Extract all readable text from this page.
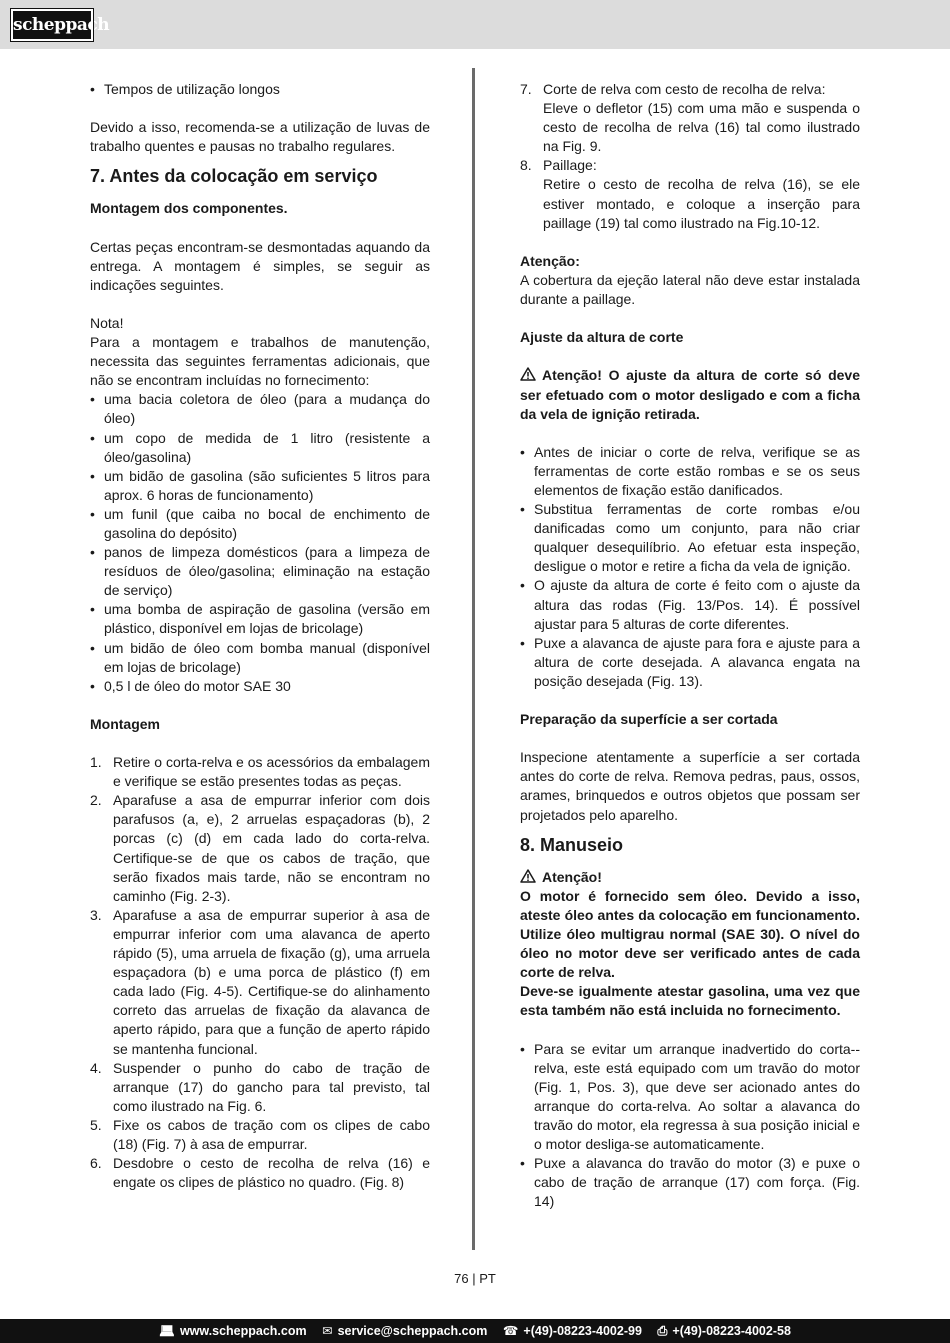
scheppach
• Tempos de utilização longos

Devido a isso, recomenda-se a utilização de luvas de trabalho quentes e pausas no trabalho regulares.

7. Antes da colocação em serviço

Montagem dos componentes.

Certas peças encontram-se desmontadas aquando da entrega. A montagem é simples, se seguir as indicações seguintes.

Nota!

Para a montagem e trabalhos de manutenção, necessita das seguintes ferramentas adicionais, que não se encontram incluídas no fornecimento:

• uma bacia coletora de óleo (para a mudança do óleo)
• um copo de medida de 1 litro (resistente a óleo/gasolina)
• um bidão de gasolina (são suficientes 5 litros para aprox. 6 horas de funcionamento)
• um funil (que caiba no bocal de enchimento de gasolina do depósito)
• panos de limpeza domésticos (para a limpeza de resíduos de óleo/gasolina; eliminação na estação de serviço)
• uma bomba de aspiração de gasolina (versão em plástico, disponível em lojas de bricolage)
• um bidão de óleo com bomba manual (disponível em lojas de bricolage)
• 0,5 l de óleo do motor SAE 30

Montagem

1. Retire o corta-relva e os acessórios da embalagem e verifique se estão presentes todas as peças.
2. Aparafuse a asa de empurrar inferior com dois parafusos (a, e), 2 arruelas espaçadoras (b), 2 porcas (c) (d) em cada lado do corta-relva. Certifique-se de que os cabos de tração, que serão fixados mais tarde, não se encontram no caminho (Fig. 2-3).
3. Aparafuse a asa de empurrar superior à asa de empurrar inferior com uma alavanca de aperto rápido (5), uma arruela de fixação (g), uma arruela espaçadora (b) e uma porca de plástico (f) em cada lado (Fig. 4-5). Certifique-se do alinhamento correto das arruelas de fixação da alavanca de aperto rápido, para que a função de aperto rápido se mantenha funcional.
4. Suspender o punho do cabo de tração de arranque (17) do gancho para tal previsto, tal como ilustrado na Fig. 6.
5. Fixe os cabos de tração com os clipes de cabo (18) (Fig. 7) à asa de empurrar.
6. Desdobre o cesto de recolha de relva (16) e engate os clipes de plástico no quadro. (Fig. 8)
7. Corte de relva com cesto de recolha de relva:
Eleve o defletor (15) com uma mão e suspenda o cesto de recolha de relva (16) tal como ilustrado na Fig. 9.
8. Paillage:
Retire o cesto de recolha de relva (16), se ele estiver montado, e coloque a inserção para paillage (19) tal como ilustrado na Fig.10-12.

Atenção:

A cobertura da ejeção lateral não deve estar instalada durante a paillage.

Ajuste da altura de corte

Atenção! O ajuste da altura de corte só deve ser efetuado com o motor desligado e com a ficha da vela de ignição retirada.

• Antes de iniciar o corte de relva, verifique se as ferramentas de corte estão rombas e se os seus elementos de fixação estão danificados.
• Substitua ferramentas de corte rombas e/ou danificadas como um conjunto, para não criar qualquer desequilíbrio. Ao efetuar esta inspeção, desligue o motor e retire a ficha da vela de ignição.
• O ajuste da altura de corte é feito com o ajuste da altura das rodas (Fig. 13/Pos. 14). É possível ajustar para 5 alturas de corte diferentes.
• Puxe a alavanca de ajuste para fora e ajuste para a altura de corte desejada. A alavanca engata na posição desejada (Fig. 13).

Preparação da superfície a ser cortada

Inspecione atentamente a superfície a ser cortada antes do corte de relva. Remova pedras, paus, ossos, arames, brinquedos e outros objetos que possam ser projetados pelo aparelho.

8. Manuseio

Atenção!

O motor é fornecido sem óleo. Devido a isso, ateste óleo antes da colocação em funcionamento. Utilize óleo multigrau normal (SAE 30). O nível do óleo no motor deve ser verificado antes de cada corte de relva.

Deve-se igualmente atestar gasolina, uma vez que esta também não está incluida no fornecimento.

• Para se evitar um arranque inadvertido do corta--relva, este está equipado com um travão do motor (Fig. 1, Pos. 3), que deve ser acionado antes do arranque do corta-relva. Ao soltar a alavanca do travão do motor, ela regressa à sua posição inicial e o motor desliga-se automaticamente.
• Puxe a alavanca do travão do motor (3) e puxe o cabo de tração de arranque (17) com força. (Fig. 14)
76 | PT
💻︎ www.scheppach.com ✉︎ service@scheppach.com ☎︎ +(49)-08223-4002-99 ⎙ +(49)-08223-4002-58
